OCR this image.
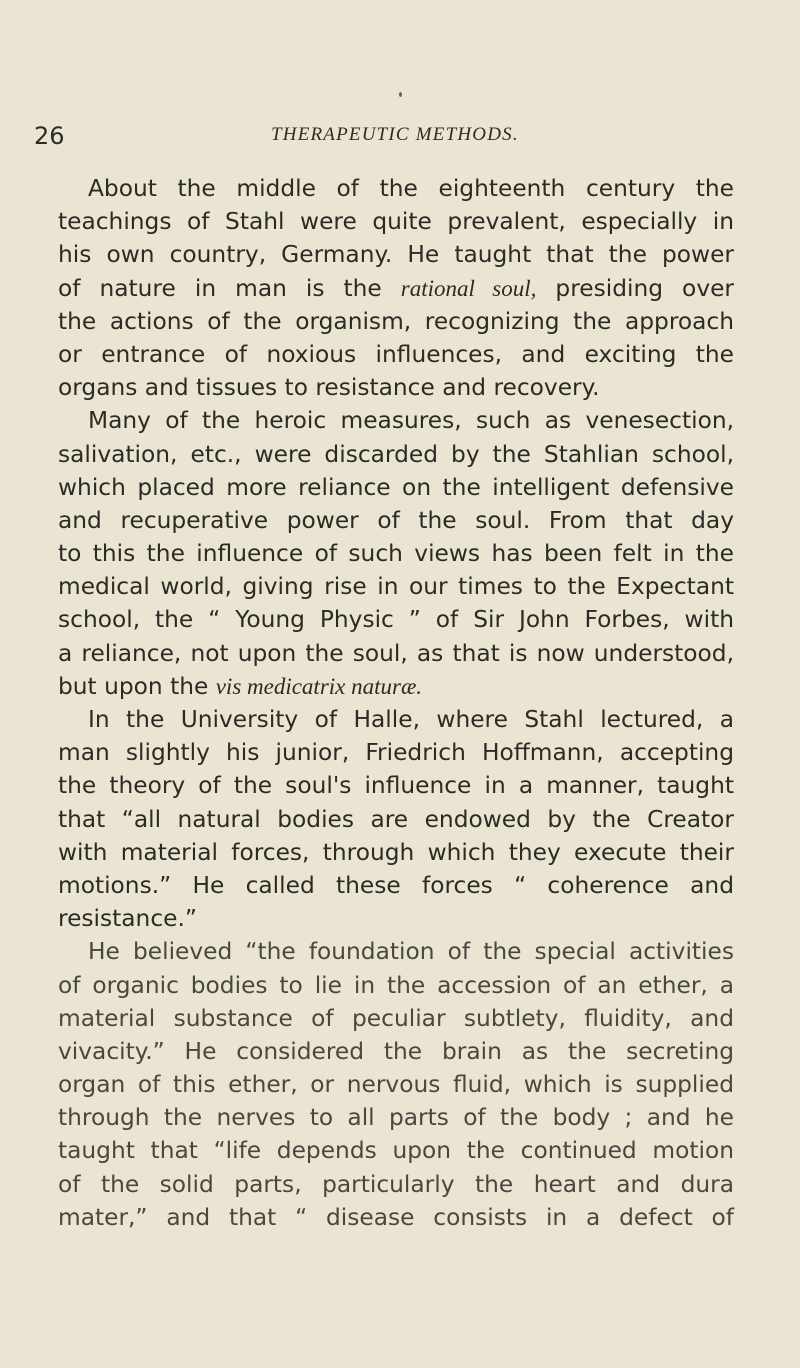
26	THERAPEUTIC METHODS.
About the middle of the eighteenth century the
teachings of Stahl were quite prevalent, especially in
his own country, Germany. He taught that the power
of nature in man is the rational soul, presiding over
the actions of the organism, recognizing the approach
or entrance of noxious influences, and exciting the
organs and tissues to resistance and recovery.
Many of the heroic measures, such as venesection,
salivation, etc., were discarded by the Stahlian school,
which placed more reliance on the intelligent defensive
and recuperative power of the soul. From that day
to this the influence of such views has been felt in the
medical world, giving rise in our times to the Expectant
school, the “ Young Physic ” of Sir John Forbes, with
a reliance, not upon the soul, as that is now understood,
but upon the vis medicatrix naturæ.
In the University of Halle, where Stahl lectured, a
man slightly his junior, Friedrich Hoffmann, accepting
the theory of the soul's influence in a manner, taught
that “all natural bodies are endowed by the Creator
with material forces, through which they execute their
motions.” He called these forces “ coherence and
resistance.”
He believed “the foundation of the special activities
of organic bodies to lie in the accession of an ether, a
material substance of peculiar subtlety, fluidity, and
vivacity.” He considered the brain as the secreting
organ of this ether, or nervous fluid, which is supplied
through the nerves to all parts of the body ; and he
taught that “life depends upon the continued motion
of the solid parts, particularly the heart and dura
mater,” and that “ disease consists in a defect of
